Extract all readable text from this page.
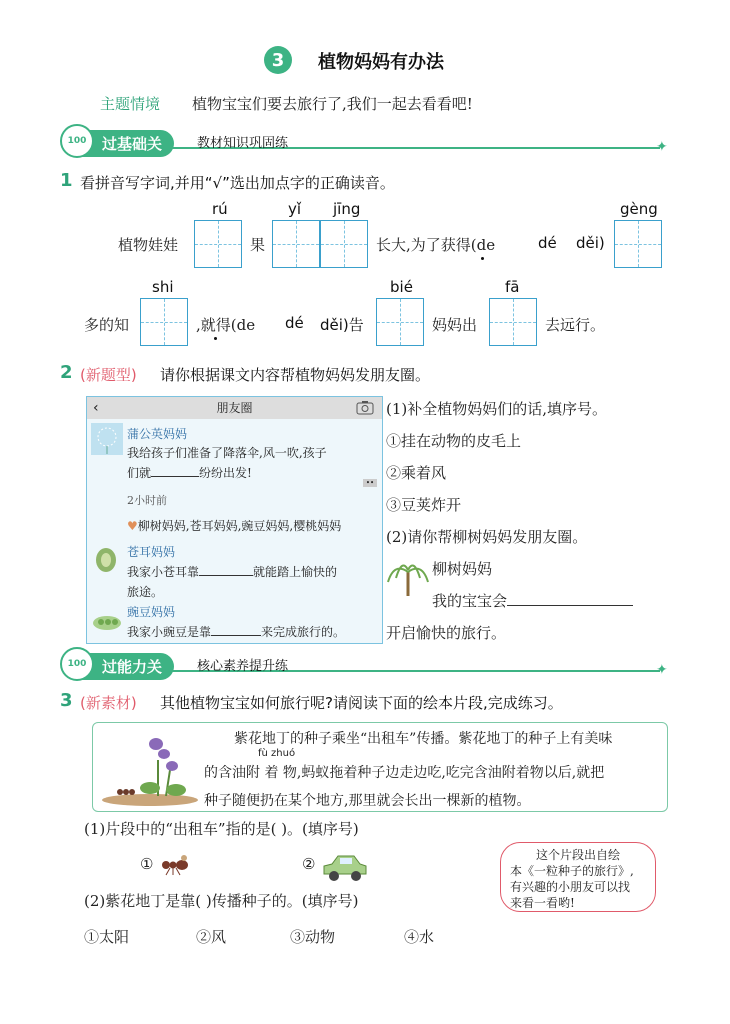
3	植物妈妈有办法
主题情境 植物宝宝们要去旅行了,我们一起去看看吧!
✦
过基础关
100	教材知识巩固练
1 看拼音写字词,并用“√”选出加点字的正确读音。
rú	yǐ jīng	gèng
植物娃娃	果	长大,为了获得(de	dé děi)
shi	bié	fā
多的知	,就得(de dé děi)告	妈妈出	去远行。
2 (新题型) 请你根据课文内容帮植物妈妈发朋友圈。
‹	朋友圈
蒲公英妈妈
我给孩子们准备了降落伞,风一吹,孩子
们就	纷纷出发!
••
2小时前
♥柳树妈妈,苍耳妈妈,豌豆妈妈,樱桃妈妈
苍耳妈妈
我家小苍耳靠	就能踏上愉快的
旅途。
豌豆妈妈
我家小豌豆是靠	来完成旅行的。
(1)补全植物妈妈们的话,填序号。
①挂在动物的皮毛上
②乘着风
③豆荚炸开
(2)请你帮柳树妈妈发朋友圈。
柳树妈妈
我的宝宝会
开启愉快的旅行。
✦
过能力关
100	核心素养提升练
3 (新素材) 其他植物宝宝如何旅行呢?请阅读下面的绘本片段,完成练习。
紫花地丁的种子乘坐“出租车”传播。紫花地丁的种子上有美味
fù zhuó
的含油附 着 物,蚂蚁拖着种子边走边吃,吃完含油附着物以后,就把
种子随便扔在某个地方,那里就会长出一棵新的植物。
(1)片段中的“出租车”指的是( )。(填序号)
①	②
(2)紫花地丁是靠( )传播种子的。(填序号)
①太阳	②风	③动物	④水
这个片段出自绘
本《一粒种子的旅行》,
有兴趣的小朋友可以找
来看一看哟!
